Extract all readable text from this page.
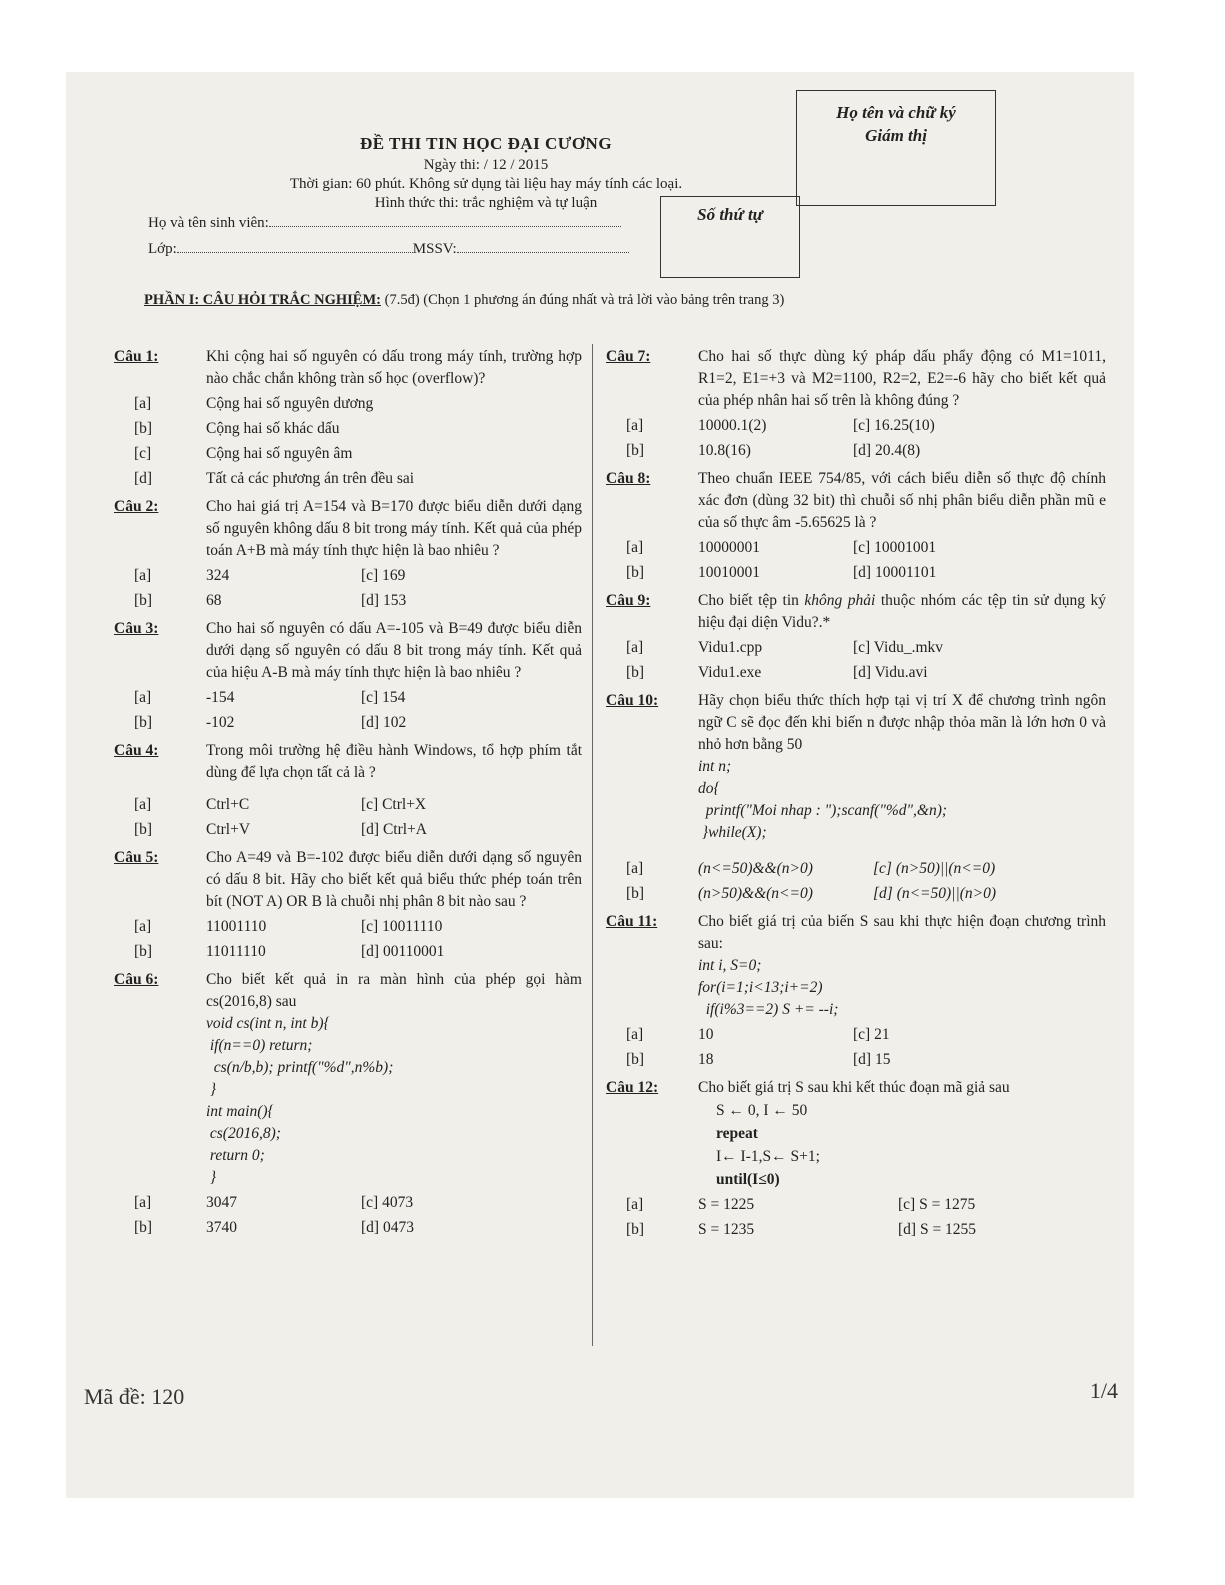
ĐỀ THI TIN HỌC ĐẠI CƯƠNG
Ngày thi: / 12 / 2015
Thời gian: 60 phút. Không sử dụng tài liệu hay máy tính các loại.
Hình thức thi: trắc nghiệm và tự luận
Họ tên và chữ ký
Giám thị
Số thứ tự
Họ và tên sinh viên:
Lớp:	MSSV:
PHẦN I: CÂU HỎI TRẮC NGHIỆM: (7.5đ) (Chọn 1 phương án đúng nhất và trả lời vào bảng trên trang 3)
Câu 1:	Khi cộng hai số nguyên có dấu trong máy tính, trường hợp nào chắc chắn không tràn số học (overflow)?
[a]	Cộng hai số nguyên dương
[b]	Cộng hai số khác dấu
[c]	Cộng hai số nguyên âm
[d]	Tất cả các phương án trên đều sai
Câu 2:	Cho hai giá trị A=154 và B=170 được biểu diễn dưới dạng số nguyên không dấu 8 bit trong máy tính. Kết quả của phép toán A+B mà máy tính thực hiện là bao nhiêu ?
[a]	324	[c] 169
[b]	68	[d] 153
Câu 3:	Cho hai số nguyên có dấu A=-105 và B=49 được biểu diễn dưới dạng số nguyên có dấu 8 bit trong máy tính. Kết quả của hiệu A-B mà máy tính thực hiện là bao nhiêu ?
[a]	-154	[c] 154
[b]	-102	[d] 102
Câu 4:	Trong môi trường hệ điều hành Windows, tổ hợp phím tắt dùng để lựa chọn tất cả là ?
[a]	Ctrl+C	[c] Ctrl+X
[b]	Ctrl+V	[d] Ctrl+A
Câu 5:	Cho A=49 và B=-102 được biểu diễn dưới dạng số nguyên có dấu 8 bit. Hãy cho biết kết quả biểu thức phép toán trên bít (NOT A) OR B là chuỗi nhị phân 8 bit nào sau ?
[a]	11001110	[c] 10011110
[b]	11011110	[d] 00110001
Câu 6:	Cho biết kết quả in ra màn hình của phép gọi hàm cs(2016,8) sau
void cs(int n, int b){
if(n==0) return;
cs(n/b,b); printf("%d",n%b);
}
int main(){
cs(2016,8);
return 0;
}
[a]	3047	[c] 4073
[b]	3740	[d] 0473
Câu 7:	Cho hai số thực dùng ký pháp dấu phẩy động có M1=1011, R1=2, E1=+3 và M2=1100, R2=2, E2=-6 hãy cho biết kết quả của phép nhân hai số trên là không đúng ?
[a]	10000.1(2)	[c] 16.25(10)
[b]	10.8(16)	[d] 20.4(8)
Câu 8:	Theo chuẩn IEEE 754/85, với cách biểu diễn số thực độ chính xác đơn (dùng 32 bit) thì chuỗi số nhị phân biểu diễn phần mũ e của số thực âm -5.65625 là ?
[a]	10000001	[c] 10001001
[b]	10010001	[d] 10001101
Câu 9:	Cho biết tệp tin không phải thuộc nhóm các tệp tin sử dụng ký hiệu đại diện Vidu?.*
[a]	Vidu1.cpp	[c] Vidu_.mkv
[b]	Vidu1.exe	[d] Vidu.avi
Câu 10:	Hãy chọn biểu thức thích hợp tại vị trí X để chương trình ngôn ngữ C sẽ đọc đến khi biến n được nhập thỏa mãn là lớn hơn 0 và nhỏ hơn bằng 50
int n;
do{
printf("Moi nhap : ");scanf("%d",&n);
}while(X);
[a]	(n<=50)&&(n>0)	[c] (n>50)||(n<=0)
[b]	(n>50)&&(n<=0)	[d] (n<=50)||(n>0)
Câu 11:	Cho biết giá trị của biến S sau khi thực hiện đoạn chương trình sau:
int i, S=0;
for(i=1;i<13;i+=2)
if(i%3==2) S += --i;
[a]	10	[c] 21
[b]	18	[d] 15
Câu 12:	Cho biết giá trị S sau khi kết thúc đoạn mã giả sau
S ← 0, I ← 50
repeat
I← I-1,S← S+1;
until(I≤0)
[a]	S = 1225	[c] S = 1275
[b]	S = 1235	[d] S = 1255
Mã đề: 120	1/4
